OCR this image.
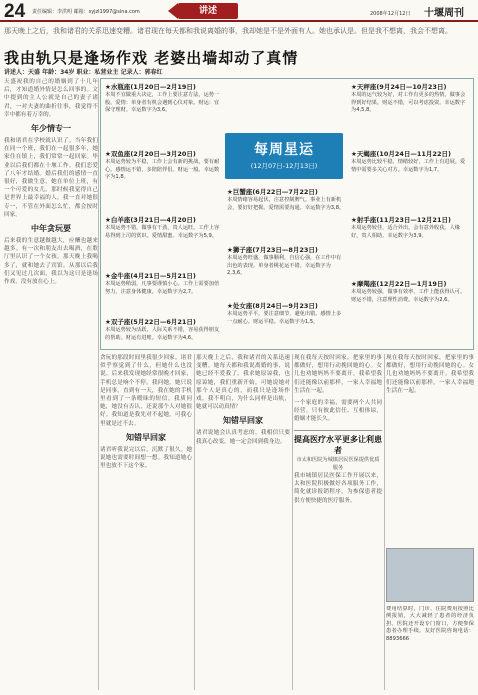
24 责任编辑：李洪明 邮箱：syjzl1997@sina.com	讲述	2008年12月12日 十堰周刊
那天晚上之后，我和诸君的关系迅速变糟。诸君现在每天都和我说离婚的事，我却她是不是外面有人。她也承认是。但是我不想离，我会不想离。
我由轨只是逢场作戏 老婆出墙却动了真情
讲述人：天盛 年龄：34岁 职业：私营业主 记录人：郭春红
天盛祝我的自己的婚姻到了十几年后，才知道婚外情是怎么回事的。文中提到的主人公就是自己的妻子诸君，一对夫妻的曲折往事，我觉得不幸中都有着万幸的。
年少情专一
我和诸君在学校就认识了。当年我们在同一个班，我们在一起很多年，她家住在镇上，我们常常一起回家。毕业以后我们都在十堰工作。我们恋爱了八年才结婚。婚后我们的感情一直很好，我做生意，她在单位上班，有一个可爱的女儿。那时候我觉得自己是世界上最幸福的人。我一直对她很专一，不管在外面怎么忙，都会按时回家。
中年贪玩要
后来我的生意越做越大，应酬也越来越多。有一次和朋友出去喝酒，在歌厅里认识了一个女孩。那天晚上我喝多了，就和她去了宾馆。从那以后我们又见过几次面，我以为这只是逢场作戏，没有放在心上。
★水瓶座(1月20日—2月19日)
本周不宜做重大决定，工作上要注意方法，运势一般。爱情：单身者有机会遇到心仪对象。财运：宜保守理财。幸运数字为3,6。
★双鱼座(2月20日—3月20日)
本周运势较为平稳，工作上会有新的挑战，要有耐心。感情运不错，多陪陪伴侣。财运一般。幸运数字为1,8。
★白羊座(3月21日—4月20日)
本周运势不错，做事有干劲，贵人运旺。工作上容易得到上司的赏识。爱情甜蜜。幸运数字为5,9。
★金牛座(4月21日—5月21日)
本周运势稍弱，凡事要谨慎小心。工作上需要加倍努力，注意身体健康。幸运数字为2,7。
★双子座(5月22日—6月21日)
本周运势较为活跃，人际关系不错，容易获得朋友的帮助。财运有进账。幸运数字为4,6。
每周星运
(12月07日-12月13日)
★巨蟹座(6月22日—7月22日)
本周情绪容易起伏，注意控制脾气。事业上有新机会，要好好把握。爱情需要沟通。幸运数字为3,8。
★狮子座(7月23日—8月23日)
本周运势旺盛，做事顺利，自信心强，在工作中有出色的表现。单身者桃花运不错。幸运数字为2,3,6。
★处女座(8月24日—9月23日)
本周运势平平，要注意细节，避免出错。感情上多一点耐心。财运平稳。幸运数字为1,5。
★天秤座(9月24日—10月23日)
本周的运气较为好，对工作有更多的热情，做事会得到好结果。财运不错，可以考虑投资。幸运数字为4,5,8。
★天蝎座(10月24日—11月22日)
本周运势比较平稳，情绪较好，工作上有进展。爱情中需要多关心对方。幸运数字为1,7。
★射手座(11月23日—12月21日)
本周运势较佳，适合外出，会有意外收获。人缘好，贵人相助。幸运数字为3,9。
★摩羯座(12月22日—1月19日)
本周运势较强，做事有效率，工作上能获得认可。财运不错，注意理性消费。幸运数字为2,6。
贪玩的那段时间里我很少回家。诸君似乎察觉到了什么，但她什么也没说。后来我发现她经常很晚才回家，手机总是响个不停。我问她，她只说是同事。直到有一天，我在她的手机里看到了一条暧昧的短信。我质问她，她没有否认，还说那个人对她很好。我知道是我先对不起她，可我心里就是过不去。
知错早回家
诸君听我说完以后，沉默了很久。她说她也需要时间想一想。我知道她心里也放不下这个家。
那天晚上之后，我和诸君的关系迅速变糟。她每天都和我说离婚的事，说她已经不爱我了。我求她原谅我，也原谅她，我们重新开始。可她说她对那个人是真心的，而我只是逢场作戏。我不明白，为什么同样是出轨，她就可以动真情？
知错早回家
诸君说她会认真考虑的。我相信只要我真心改变，她一定会回到我身边。
现在我每天按时回家，把家里的事都做好，想用行动挽回她的心。女儿也劝她妈妈不要离开。我希望我们还能像以前那样，一家人幸福地生活在一起。
一个家庭的幸福，需要两个人共同经营。只有彼此信任、互相体谅，婚姻才能长久。
提高医疗水平更多让利患者
市太和医院为城镇居民医保提供优质服务
我市城镇居民医保工作开展以来，太和医院积极做好各项服务工作，简化就诊报销程序，为参保患者提供方便快捷的医疗服务。
现在我每天按时回家，把家里的事都做好，想用行动挽回她的心。女儿也劝她妈妈不要离开。我希望我们还能像以前那样，一家人幸福地生活在一起。
费用结算时，门诊、住院费用按照比例报销，大大减轻了患者的经济负担。医院还开设专门窗口，方便参保患者办理手续。友好医院咨询电话：8893666
